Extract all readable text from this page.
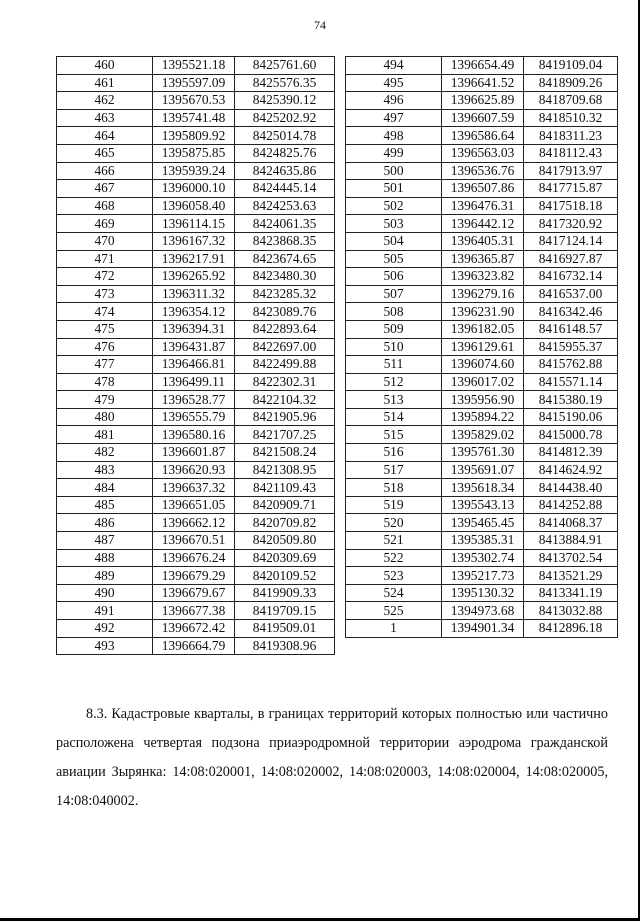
74
460	1395521.18	8425761.60
461	1395597.09	8425576.35
462	1395670.53	8425390.12
463	1395741.48	8425202.92
464	1395809.92	8425014.78
465	1395875.85	8424825.76
466	1395939.24	8424635.86
467	1396000.10	8424445.14
468	1396058.40	8424253.63
469	1396114.15	8424061.35
470	1396167.32	8423868.35
471	1396217.91	8423674.65
472	1396265.92	8423480.30
473	1396311.32	8423285.32
474	1396354.12	8423089.76
475	1396394.31	8422893.64
476	1396431.87	8422697.00
477	1396466.81	8422499.88
478	1396499.11	8422302.31
479	1396528.77	8422104.32
480	1396555.79	8421905.96
481	1396580.16	8421707.25
482	1396601.87	8421508.24
483	1396620.93	8421308.95
484	1396637.32	8421109.43
485	1396651.05	8420909.71
486	1396662.12	8420709.82
487	1396670.51	8420509.80
488	1396676.24	8420309.69
489	1396679.29	8420109.52
490	1396679.67	8419909.33
491	1396677.38	8419709.15
492	1396672.42	8419509.01
493	1396664.79	8419308.96
494	1396654.49	8419109.04
495	1396641.52	8418909.26
496	1396625.89	8418709.68
497	1396607.59	8418510.32
498	1396586.64	8418311.23
499	1396563.03	8418112.43
500	1396536.76	8417913.97
501	1396507.86	8417715.87
502	1396476.31	8417518.18
503	1396442.12	8417320.92
504	1396405.31	8417124.14
505	1396365.87	8416927.87
506	1396323.82	8416732.14
507	1396279.16	8416537.00
508	1396231.90	8416342.46
509	1396182.05	8416148.57
510	1396129.61	8415955.37
511	1396074.60	8415762.88
512	1396017.02	8415571.14
513	1395956.90	8415380.19
514	1395894.22	8415190.06
515	1395829.02	8415000.78
516	1395761.30	8414812.39
517	1395691.07	8414624.92
518	1395618.34	8414438.40
519	1395543.13	8414252.88
520	1395465.45	8414068.37
521	1395385.31	8413884.91
522	1395302.74	8413702.54
523	1395217.73	8413521.29
524	1395130.32	8413341.19
525	1394973.68	8413032.88
1	1394901.34	8412896.18
8.3. Кадастровые кварталы, в границах территорий которых полностью или частично расположена четвертая подзона приаэродромной территории аэродрома гражданской авиации Зырянка: 14:08:020001, 14:08:020002, 14:08:020003, 14:08:020004, 14:08:020005, 14:08:040002.
